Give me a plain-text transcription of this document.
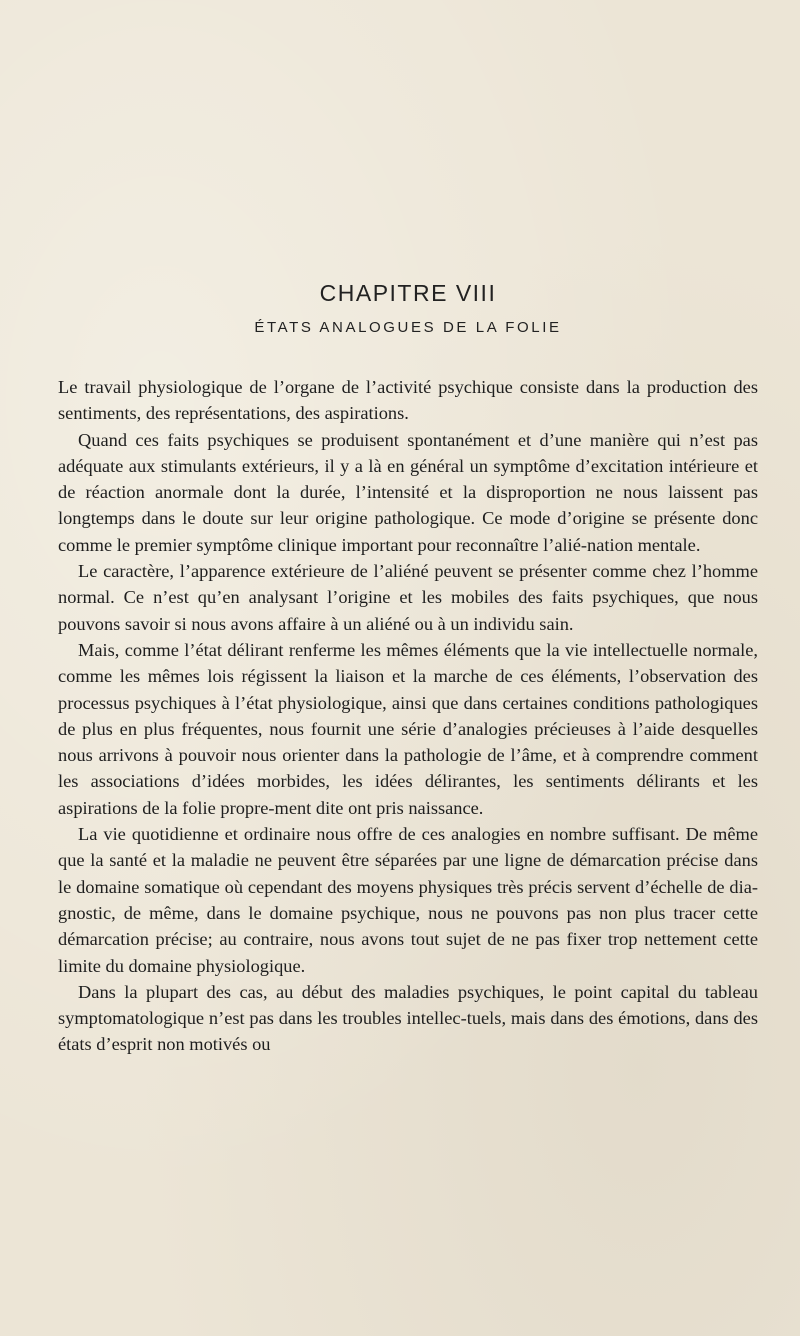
CHAPITRE VIII
ÉTATS ANALOGUES DE LA FOLIE

Le travail physiologique de l’organe de l’activité psychique consiste dans la production des sentiments, des représentations, des aspirations.

Quand ces faits psychiques se produisent spontanément et d’une manière qui n’est pas adéquate aux stimulants extérieurs, il y a là en général un symptôme d’excitation intérieure et de réaction anormale dont la durée, l’intensité et la disproportion ne nous laissent pas longtemps dans le doute sur leur origine pathologique. Ce mode d’origine se présente donc comme le premier symptôme clinique important pour reconnaître l’alié-nation mentale.

Le caractère, l’apparence extérieure de l’aliéné peuvent se présenter comme chez l’homme normal. Ce n’est qu’en analysant l’origine et les mobiles des faits psychiques, que nous pouvons savoir si nous avons affaire à un aliéné ou à un individu sain.

Mais, comme l’état délirant renferme les mêmes éléments que la vie intellectuelle normale, comme les mêmes lois régissent la liaison et la marche de ces éléments, l’observation des processus psychiques à l’état physiologique, ainsi que dans certaines conditions pathologiques de plus en plus fréquentes, nous fournit une série d’analogies précieuses à l’aide desquelles nous arrivons à pouvoir nous orienter dans la pathologie de l’âme, et à comprendre comment les associations d’idées morbides, les idées délirantes, les sentiments délirants et les aspirations de la folie propre-ment dite ont pris naissance.

La vie quotidienne et ordinaire nous offre de ces analogies en nombre suffisant. De même que la santé et la maladie ne peuvent être séparées par une ligne de démarcation précise dans le domaine somatique où cependant des moyens physiques très précis servent d’échelle de dia-gnostic, de même, dans le domaine psychique, nous ne pouvons pas non plus tracer cette démarcation précise; au contraire, nous avons tout sujet de ne pas fixer trop nettement cette limite du domaine physiologique.

Dans la plupart des cas, au début des maladies psychiques, le point capital du tableau symptomatologique n’est pas dans les troubles intellec-tuels, mais dans des émotions, dans des états d’esprit non motivés ou
